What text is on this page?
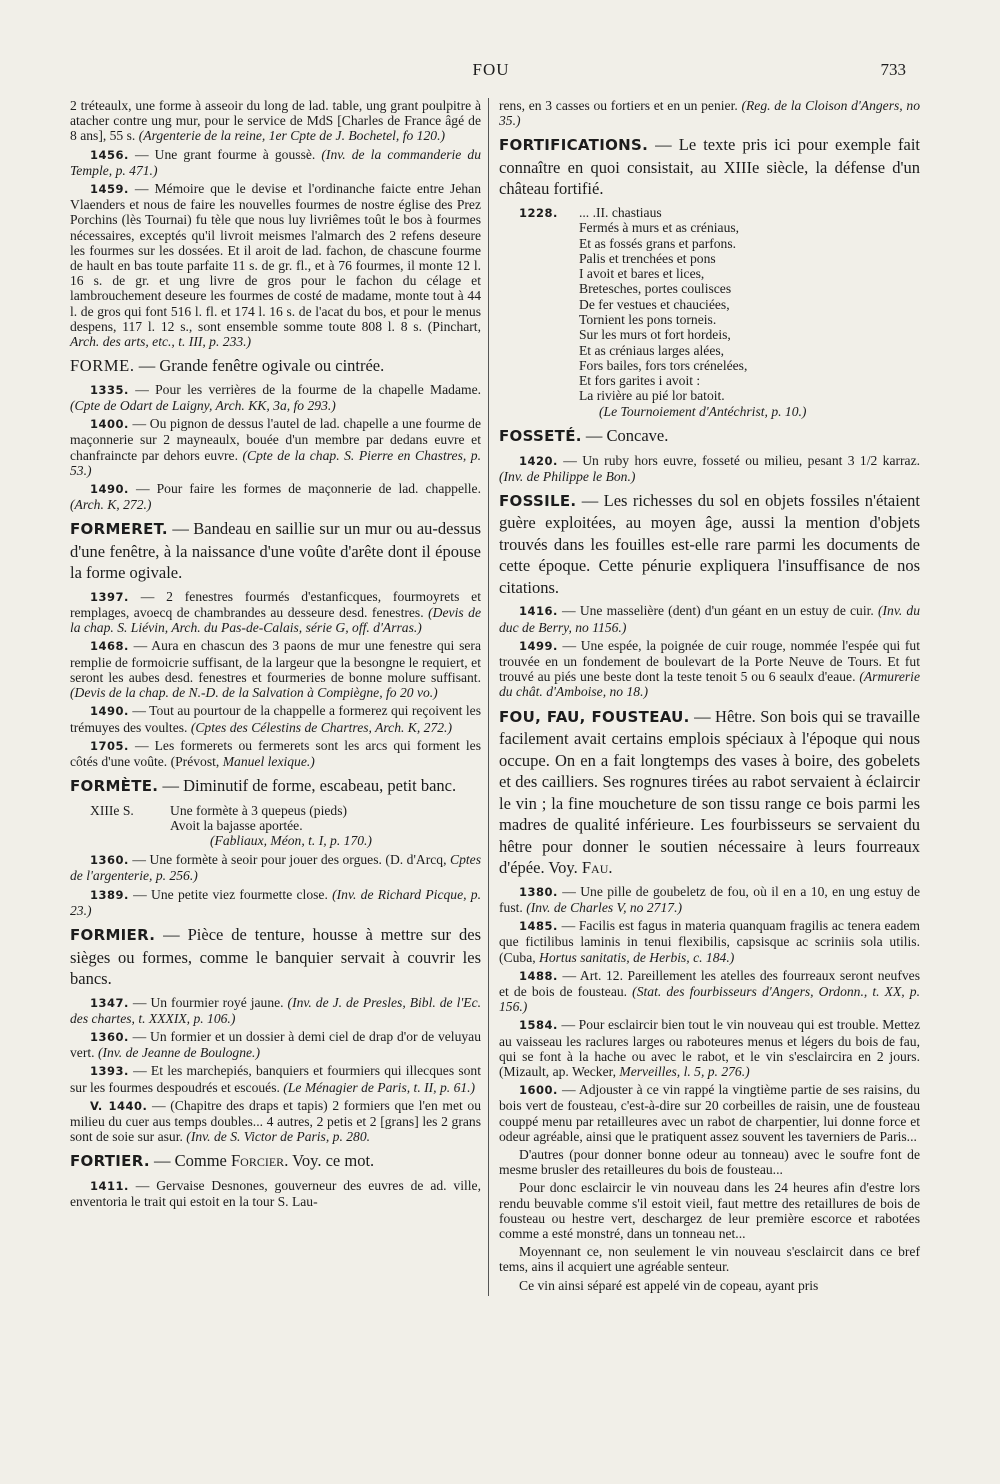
FOU	733

2 tréteaulx, une forme à asseoir du long de lad. table, ung grant poulpitre à atacher contre ung mur, pour le service de MdS [Charles de France âgé de 8 ans], 55 s. (Argenterie de la reine, 1er Cpte de J. Bochetel, fo 120.)

1456. — Une grant fourme à goussè. (Inv. de la commanderie du Temple, p. 471.)

1459. — Mémoire que le devise et l'ordinanche faicte entre Jehan Vlaenders et nous de faire les nouvelles fourmes de nostre église des Prez Porchins (lès Tournai) fu tèle que nous luy livriêmes toût le bos à fourmes nécessaires, exceptés qu'il livroit meismes l'almarch des 2 refens deseure les fourmes sur les dossées. Et il aroit de lad. fachon, de chascune fourme de hault en bas toute parfaite 11 s. de gr. fl., et à 76 fourmes, il monte 12 l. 16 s. de gr. et ung livre de gros pour le fachon du célage et lambrouchement deseure les fourmes de costé de madame, monte tout à 44 l. de gros qui font 516 l. fl. et 174 l. 16 s. de l'acat du bos, et pour le menus despens, 117 l. 12 s., sont ensemble somme toute 808 l. 8 s. (Pinchart, Arch. des arts, etc., t. III, p. 233.)

FORME. — Grande fenêtre ogivale ou cintrée.

1335. — Pour les verrières de la fourme de la chapelle Madame. (Cpte de Odart de Laigny, Arch. KK, 3a, fo 293.)

1400. — Ou pignon de dessus l'autel de lad. chapelle a une fourme de maçonnerie sur 2 mayneaulx, bouée d'un membre par dedans euvre et chanfraincte par dehors euvre. (Cpte de la chap. S. Pierre en Chastres, p. 53.)

1490. — Pour faire les formes de maçonnerie de lad. chappelle. (Arch. K, 272.)

FORMERET. — Bandeau en saillie sur un mur ou au-dessus d'une fenêtre, à la naissance d'une voûte d'arête dont il épouse la forme ogivale.

1397. — 2 fenestres fourmés d'estanficques, fourmoyrets et remplages, avoecq de chambrandes au desseure desd. fenestres. (Devis de la chap. S. Liévin, Arch. du Pas-de-Calais, série G, off. d'Arras.)

1468. — Aura en chascun des 3 paons de mur une fenestre qui sera remplie de formoicrie suffisant, de la largeur que la besongne le requiert, et seront les aubes desd. fenestres et fourmeries de bonne molure suffisant. (Devis de la chap. de N.-D. de la Salvation à Compiègne, fo 20 vo.)

1490. — Tout au pourtour de la chappelle a formerez qui reçoivent les trémuyes des voultes. (Cptes des Célestins de Chartres, Arch. K, 272.)

1705. — Les formerets ou fermerets sont les arcs qui forment les côtés d'une voûte. (Prévost, Manuel lexique.)

FORMÈTE. — Diminutif de forme, escabeau, petit banc.

XIIIe S.	Une formète à 3 quepeus (pieds)
Avoit la bajasse aportée.
(Fabliaux, Méon, t. I, p. 170.)

1360. — Une formète à seoir pour jouer des orgues. (D. d'Arcq, Cptes de l'argenterie, p. 256.)

1389. — Une petite viez fourmette close. (Inv. de Richard Picque, p. 23.)

FORMIER. — Pièce de tenture, housse à mettre sur des sièges ou formes, comme le banquier servait à couvrir les bancs.

1347. — Un fourmier royé jaune. (Inv. de J. de Presles, Bibl. de l'Ec. des chartes, t. XXXIX, p. 106.)

1360. — Un formier et un dossier à demi ciel de drap d'or de veluyau vert. (Inv. de Jeanne de Boulogne.)

1393. — Et les marchepiés, banquiers et fourmiers qui illecques sont sur les fourmes despoudrés et escoués. (Le Ménagier de Paris, t. II, p. 61.)

V. 1440. — (Chapitre des draps et tapis) 2 formiers que l'en met ou milieu du cuer aus temps doubles... 4 autres, 2 petis et 2 [grans] les 2 grans sont de soie sur asur. (Inv. de S. Victor de Paris, p. 280.

FORTIER. — Comme Forcier. Voy. ce mot.

1411. — Gervaise Desnones, gouverneur des euvres de ad. ville, enventoria le trait qui estoit en la tour S. Lau-

rens, en 3 casses ou fortiers et en un penier. (Reg. de la Cloison d'Angers, no 35.)

FORTIFICATIONS. — Le texte pris ici pour exemple fait connaître en quoi consistait, au XIIIe siècle, la défense d'un château fortifié.

1228.	... .II. chastiaus
Fermés à murs et as créniaus,
Et as fossés grans et parfons.
Palis et trenchées et pons
I avoit et bares et lices,
Bretesches, portes coulisces
De fer vestues et chauciées,
Tornient les pons torneis.
Sur les murs ot fort hordeis,
Et as créniaus larges alées,
Fors bailes, fors tors crénelées,
Et fors garites i avoit :
La rivière au pié lor batoit.
(Le Tournoiement d'Antéchrist, p. 10.)

FOSSETÉ. — Concave.

1420. — Un ruby hors euvre, fosseté ou milieu, pesant 3 1/2 karraz. (Inv. de Philippe le Bon.)

FOSSILE. — Les richesses du sol en objets fossiles n'étaient guère exploitées, au moyen âge, aussi la mention d'objets trouvés dans les fouilles est-elle rare parmi les documents de cette époque. Cette pénurie expliquera l'insuffisance de nos citations.

1416. — Une masselière (dent) d'un géant en un estuy de cuir. (Inv. du duc de Berry, no 1156.)

1499. — Une espée, la poignée de cuir rouge, nommée l'espée qui fut trouvée en un fondement de boulevart de la Porte Neuve de Tours. Et fut trouvé au piés une beste dont la teste tenoit 5 ou 6 seaulx d'eaue. (Armurerie du chât. d'Amboise, no 18.)

FOU, FAU, FOUSTEAU. — Hêtre. Son bois qui se travaille facilement avait certains emplois spéciaux à l'époque qui nous occupe. On en a fait longtemps des vases à boire, des gobelets et des cailliers. Ses rognures tirées au rabot servaient à éclaircir le vin ; la fine moucheture de son tissu range ce bois parmi les madres de qualité inférieure. Les fourbisseurs se servaient du hêtre pour donner le soutien nécessaire à leurs fourreaux d'épée. Voy. Fau.

1380. — Une pille de goubeletz de fou, où il en a 10, en ung estuy de fust. (Inv. de Charles V, no 2717.)

1485. — Facilis est fagus in materia quanquam fragilis ac tenera eadem que fictilibus laminis in tenui flexibilis, capsisque ac scriniis sola utilis. (Cuba, Hortus sanitatis, de Herbis, c. 184.)

1488. — Art. 12. Pareillement les atelles des fourreaux seront neufves et de bois de fousteau. (Stat. des fourbisseurs d'Angers, Ordonn., t. XX, p. 156.)

1584. — Pour esclaircir bien tout le vin nouveau qui est trouble. Mettez au vaisseau les raclures larges ou raboteures menus et légers du bois de fau, qui se font à la hache ou avec le rabot, et le vin s'esclaircira en 2 jours. (Mizault, ap. Wecker, Merveilles, l. 5, p. 276.)

1600. — Adjouster à ce vin rappé la vingtième partie de ses raisins, du bois vert de fousteau, c'est-à-dire sur 20 corbeilles de raisin, une de fousteau couppé menu par retailleures avec un rabot de charpentier, lui donne force et odeur agréable, ainsi que le pratiquent assez souvent les taverniers de Paris...

D'autres (pour donner bonne odeur au tonneau) avec le soufre font de mesme brusler des retailleures du bois de fousteau...

Pour donc esclaircir le vin nouveau dans les 24 heures afin d'estre lors rendu beuvable comme s'il estoit vieil, faut mettre des retaillures de bois de fousteau ou hestre vert, deschargez de leur première escorce et rabotées comme a esté monstré, dans un tonneau net...

Moyennant ce, non seulement le vin nouveau s'esclaircit dans ce bref tems, ains il acquiert une agréable senteur.

Ce vin ainsi séparé est appelé vin de copeau, ayant pris
